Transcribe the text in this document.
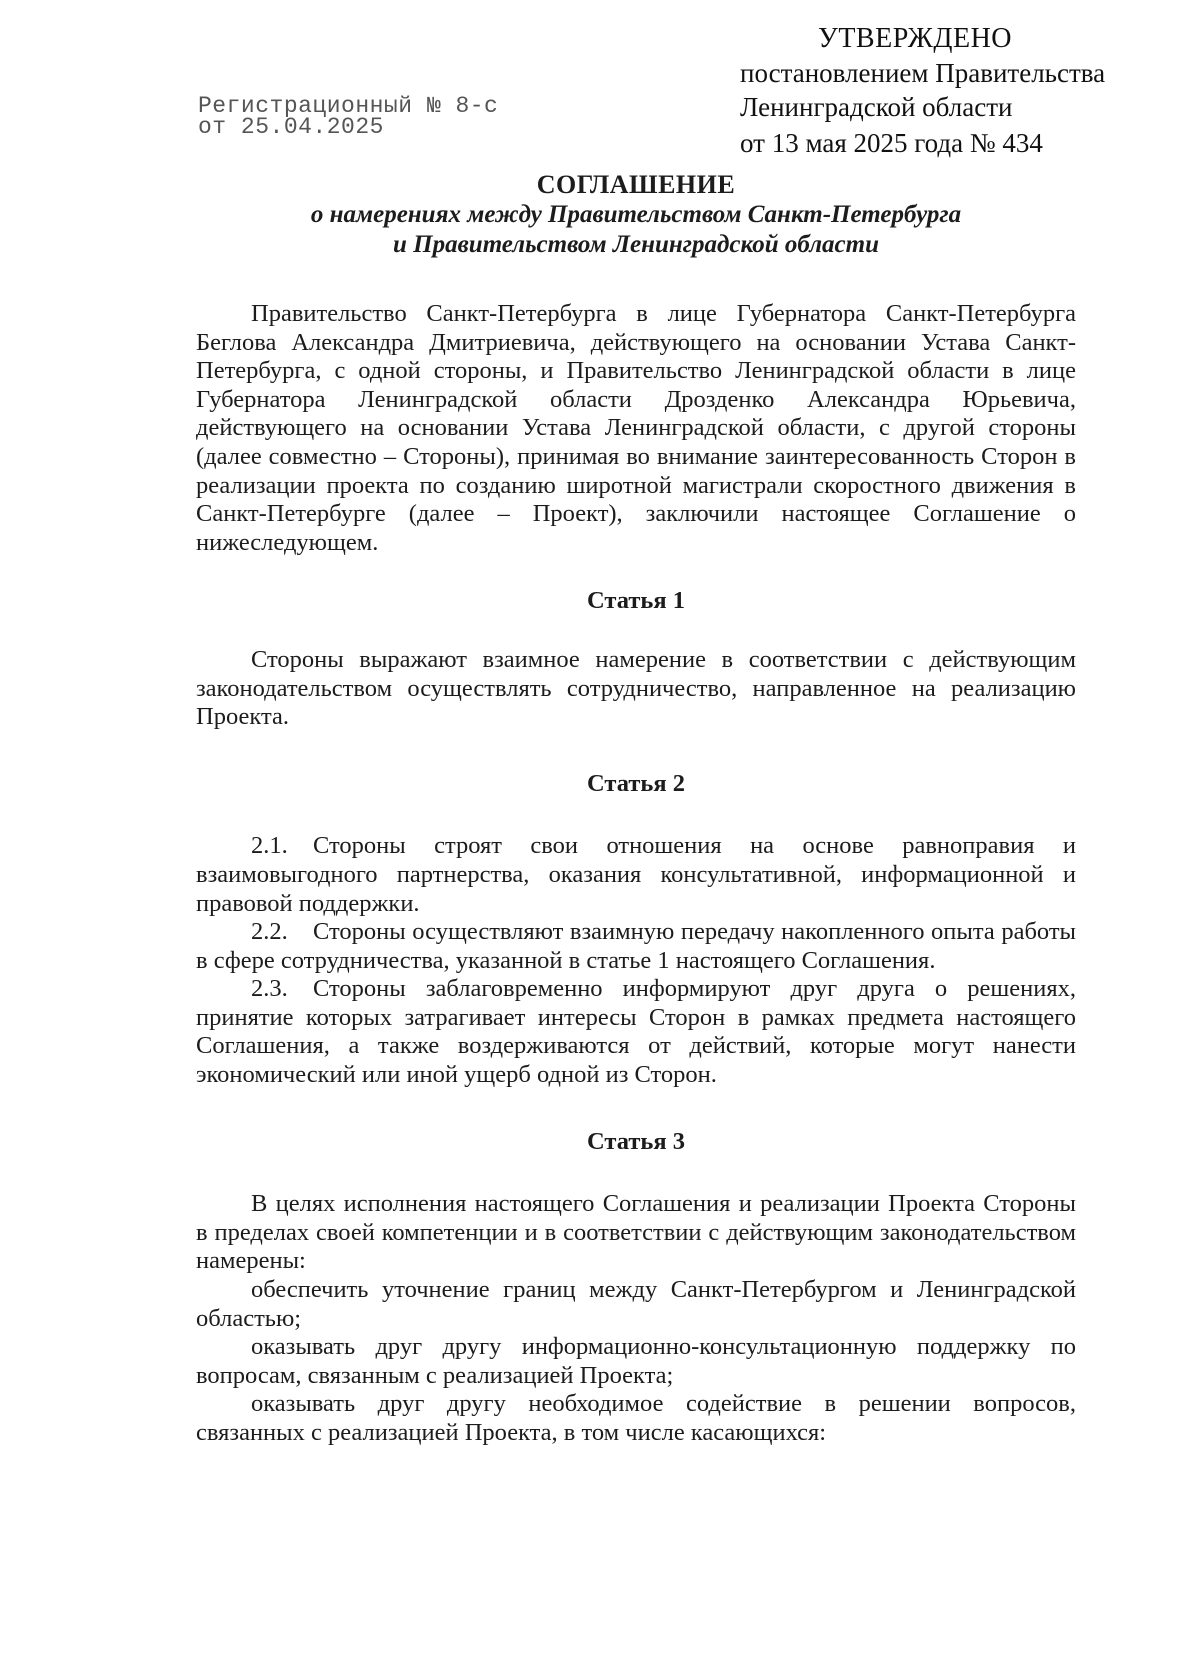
УТВЕРЖДЕНО
постановлением Правительства
Ленинградской области
от 13 мая 2025 года № 434
Регистрационный № 8-с
от 25.04.2025
СОГЛАШЕНИЕ
о намерениях между Правительством Санкт-Петербурга
и Правительством Ленинградской области

Правительство Санкт-Петербурга в лице Губернатора Санкт-Петербурга Беглова Александра Дмитриевича, действующего на основании Устава Санкт-Петербурга, с одной стороны, и Правительство Ленинградской области в лице Губернатора Ленинградской области Дрозденко Александра Юрьевича, действующего на основании Устава Ленинградской области, с другой стороны (далее совместно – Стороны), принимая во внимание заинтересованность Сторон в реализации проекта по созданию широтной магистрали скоростного движения в Санкт-Петербурге (далее – Проект), заключили настоящее Соглашение о нижеследующем.

Статья 1

Стороны выражают взаимное намерение в соответствии с действующим законодательством осуществлять сотрудничество, направленное на реализацию Проекта.

Статья 2

2.1. Стороны строят свои отношения на основе равноправия и взаимовыгодного партнерства, оказания консультативной, информационной и правовой поддержки.

2.2. Стороны осуществляют взаимную передачу накопленного опыта работы в сфере сотрудничества, указанной в статье 1 настоящего Соглашения.

2.3. Стороны заблаговременно информируют друг друга о решениях, принятие которых затрагивает интересы Сторон в рамках предмета настоящего Соглашения, а также воздерживаются от действий, которые могут нанести экономический или иной ущерб одной из Сторон.

Статья 3

В целях исполнения настоящего Соглашения и реализации Проекта Стороны в пределах своей компетенции и в соответствии с действующим законодательством намерены:

обеспечить уточнение границ между Санкт-Петербургом и Ленинградской областью;

оказывать друг другу информационно-консультационную поддержку по вопросам, связанным с реализацией Проекта;

оказывать друг другу необходимое содействие в решении вопросов, связанных с реализацией Проекта, в том числе касающихся:
